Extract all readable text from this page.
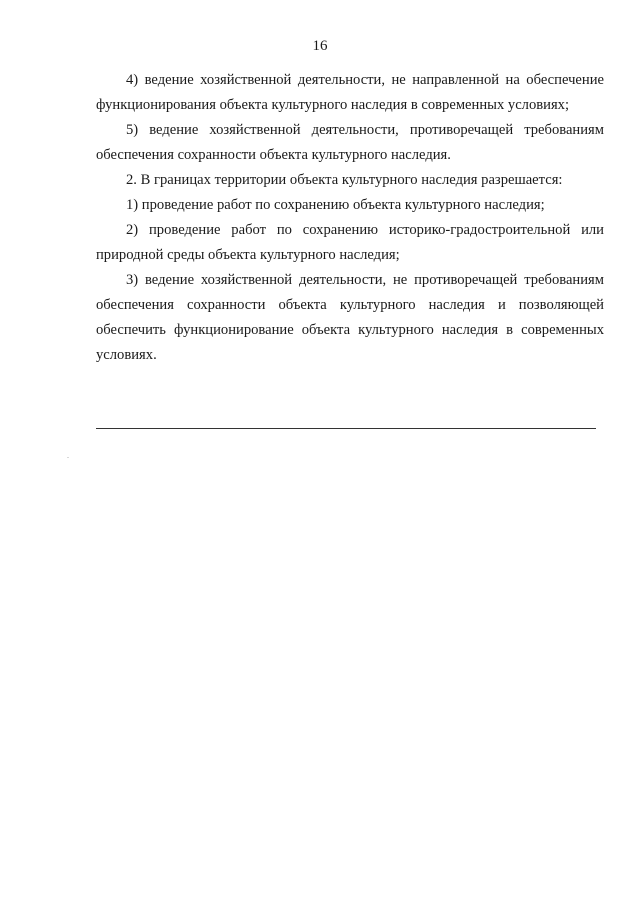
16

4) ведение хозяйственной деятельности, не направленной на обеспечение функционирования объекта культурного наследия в современных условиях;

5) ведение хозяйственной деятельности, противоречащей требованиям обеспечения сохранности объекта культурного наследия.

2. В границах территории объекта культурного наследия разрешается:

1) проведение работ по сохранению объекта культурного наследия;

2) проведение работ по сохранению историко-градостроительной или природной среды объекта культурного наследия;

3) ведение хозяйственной деятельности, не противоречащей требованиям обеспечения сохранности объекта культурного наследия и позволяющей обеспечить функционирование объекта культурного наследия в современных условиях.
